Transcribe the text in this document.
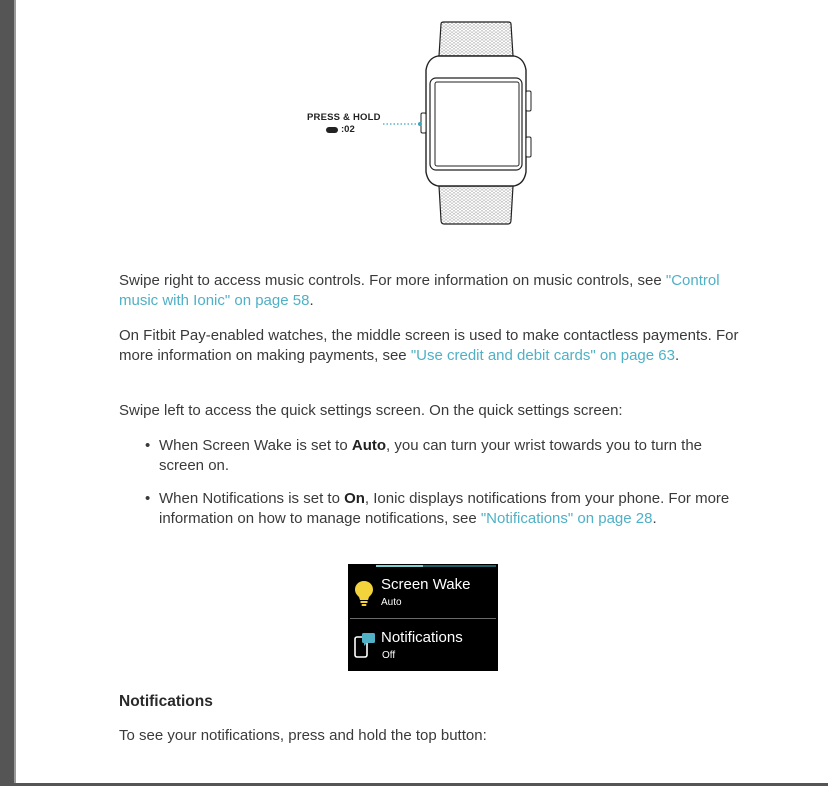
PRESS & HOLD
:02

Swipe right to access music controls. For more information on music controls, see "Control music with Ionic" on page 58.

On Fitbit Pay-enabled watches, the middle screen is used to make contactless payments. For more information on making payments, see "Use credit and debit cards" on page 63.

Swipe left to access the quick settings screen. On the quick settings screen:

• When Screen Wake is set to Auto, you can turn your wrist towards you to turn the screen on.

• When Notifications is set to On, Ionic displays notifications from your phone. For more information on how to manage notifications, see "Notifications" on page 28.

Screen Wake
Auto
Notifications
Off
Notifications

To see your notifications, press and hold the top button:
